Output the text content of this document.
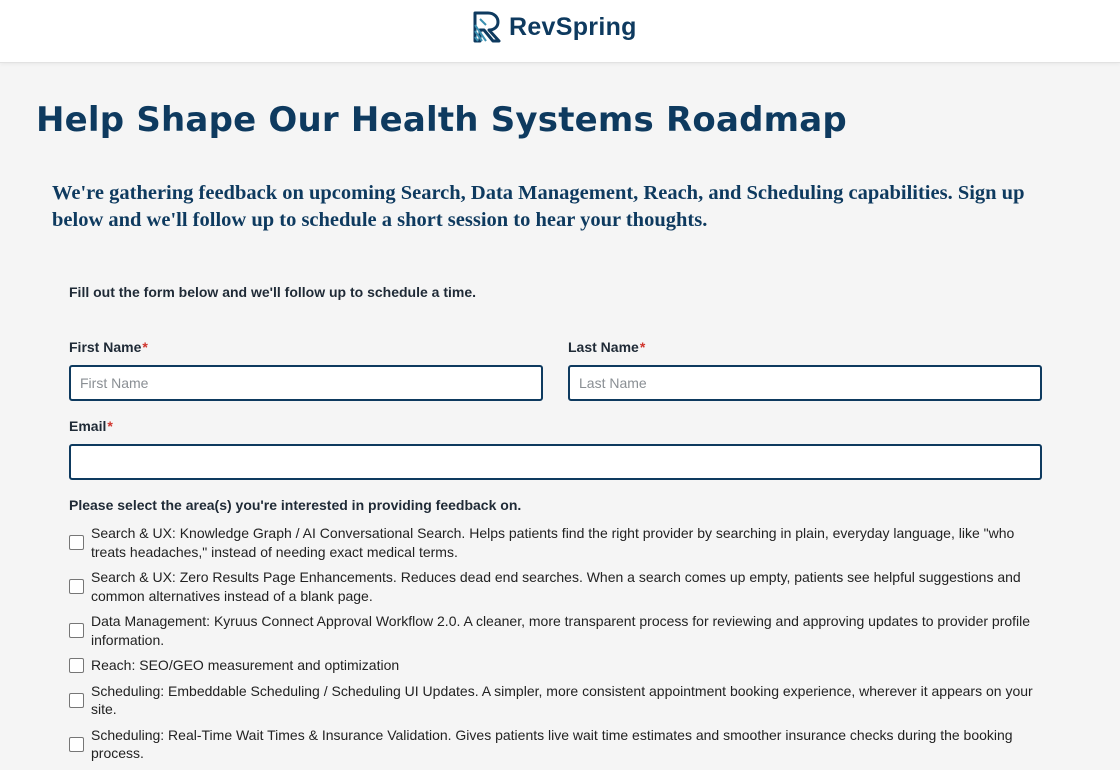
RevSpring
Help Shape Our Health Systems Roadmap

We're gathering feedback on upcoming Search, Data Management, Reach, and Scheduling capabilities. Sign up below and we'll follow up to schedule a short session to hear your thoughts.

Fill out the form below and we'll follow up to schedule a time.

First Name*
First Name	Last Name*
Last Name
Email*

Please select the area(s) you're interested in providing feedback on.

Search & UX: Knowledge Graph / AI Conversational Search. Helps patients find the right provider by searching in plain, everyday language, like "who treats headaches," instead of needing exact medical terms.
Search & UX: Zero Results Page Enhancements. Reduces dead end searches. When a search comes up empty, patients see helpful suggestions and common alternatives instead of a blank page.
Data Management: Kyruus Connect Approval Workflow 2.0. A cleaner, more transparent process for reviewing and approving updates to provider profile information.
Reach: SEO/GEO measurement and optimization
Scheduling: Embeddable Scheduling / Scheduling UI Updates. A simpler, more consistent appointment booking experience, wherever it appears on your site.
Scheduling: Real-Time Wait Times & Insurance Validation. Gives patients live wait time estimates and smoother insurance checks during the booking process.
